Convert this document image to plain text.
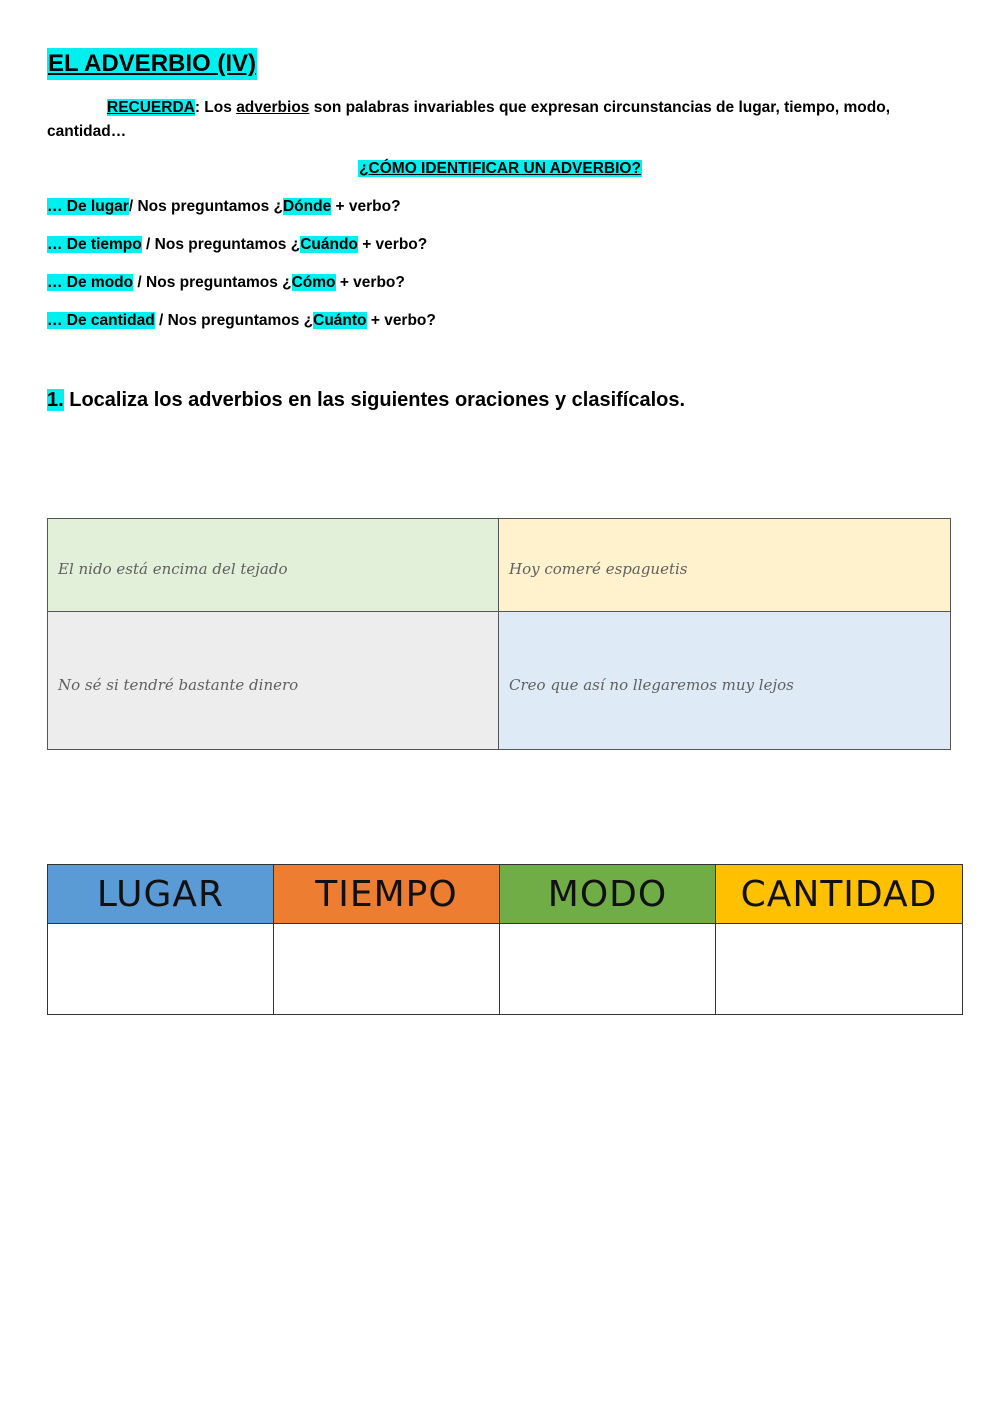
EL ADVERBIO (IV)
RECUERDA: Los adverbios son palabras invariables que expresan circunstancias de lugar, tiempo, modo, cantidad…
¿CÓMO IDENTIFICAR UN ADVERBIO?
… De lugar/ Nos preguntamos ¿Dónde + verbo?
… De tiempo / Nos preguntamos ¿Cuándo + verbo?
… De modo / Nos preguntamos ¿Cómo + verbo?
… De cantidad / Nos preguntamos ¿Cuánto + verbo?
1. Localiza los adverbios en las siguientes oraciones y clasifícalos.
El nido está encima del tejado	Hoy comeré espaguetis
No sé si tendré bastante dinero	Creo que así no llegaremos muy lejos
LUGAR	TIEMPO	MODO	CANTIDAD
